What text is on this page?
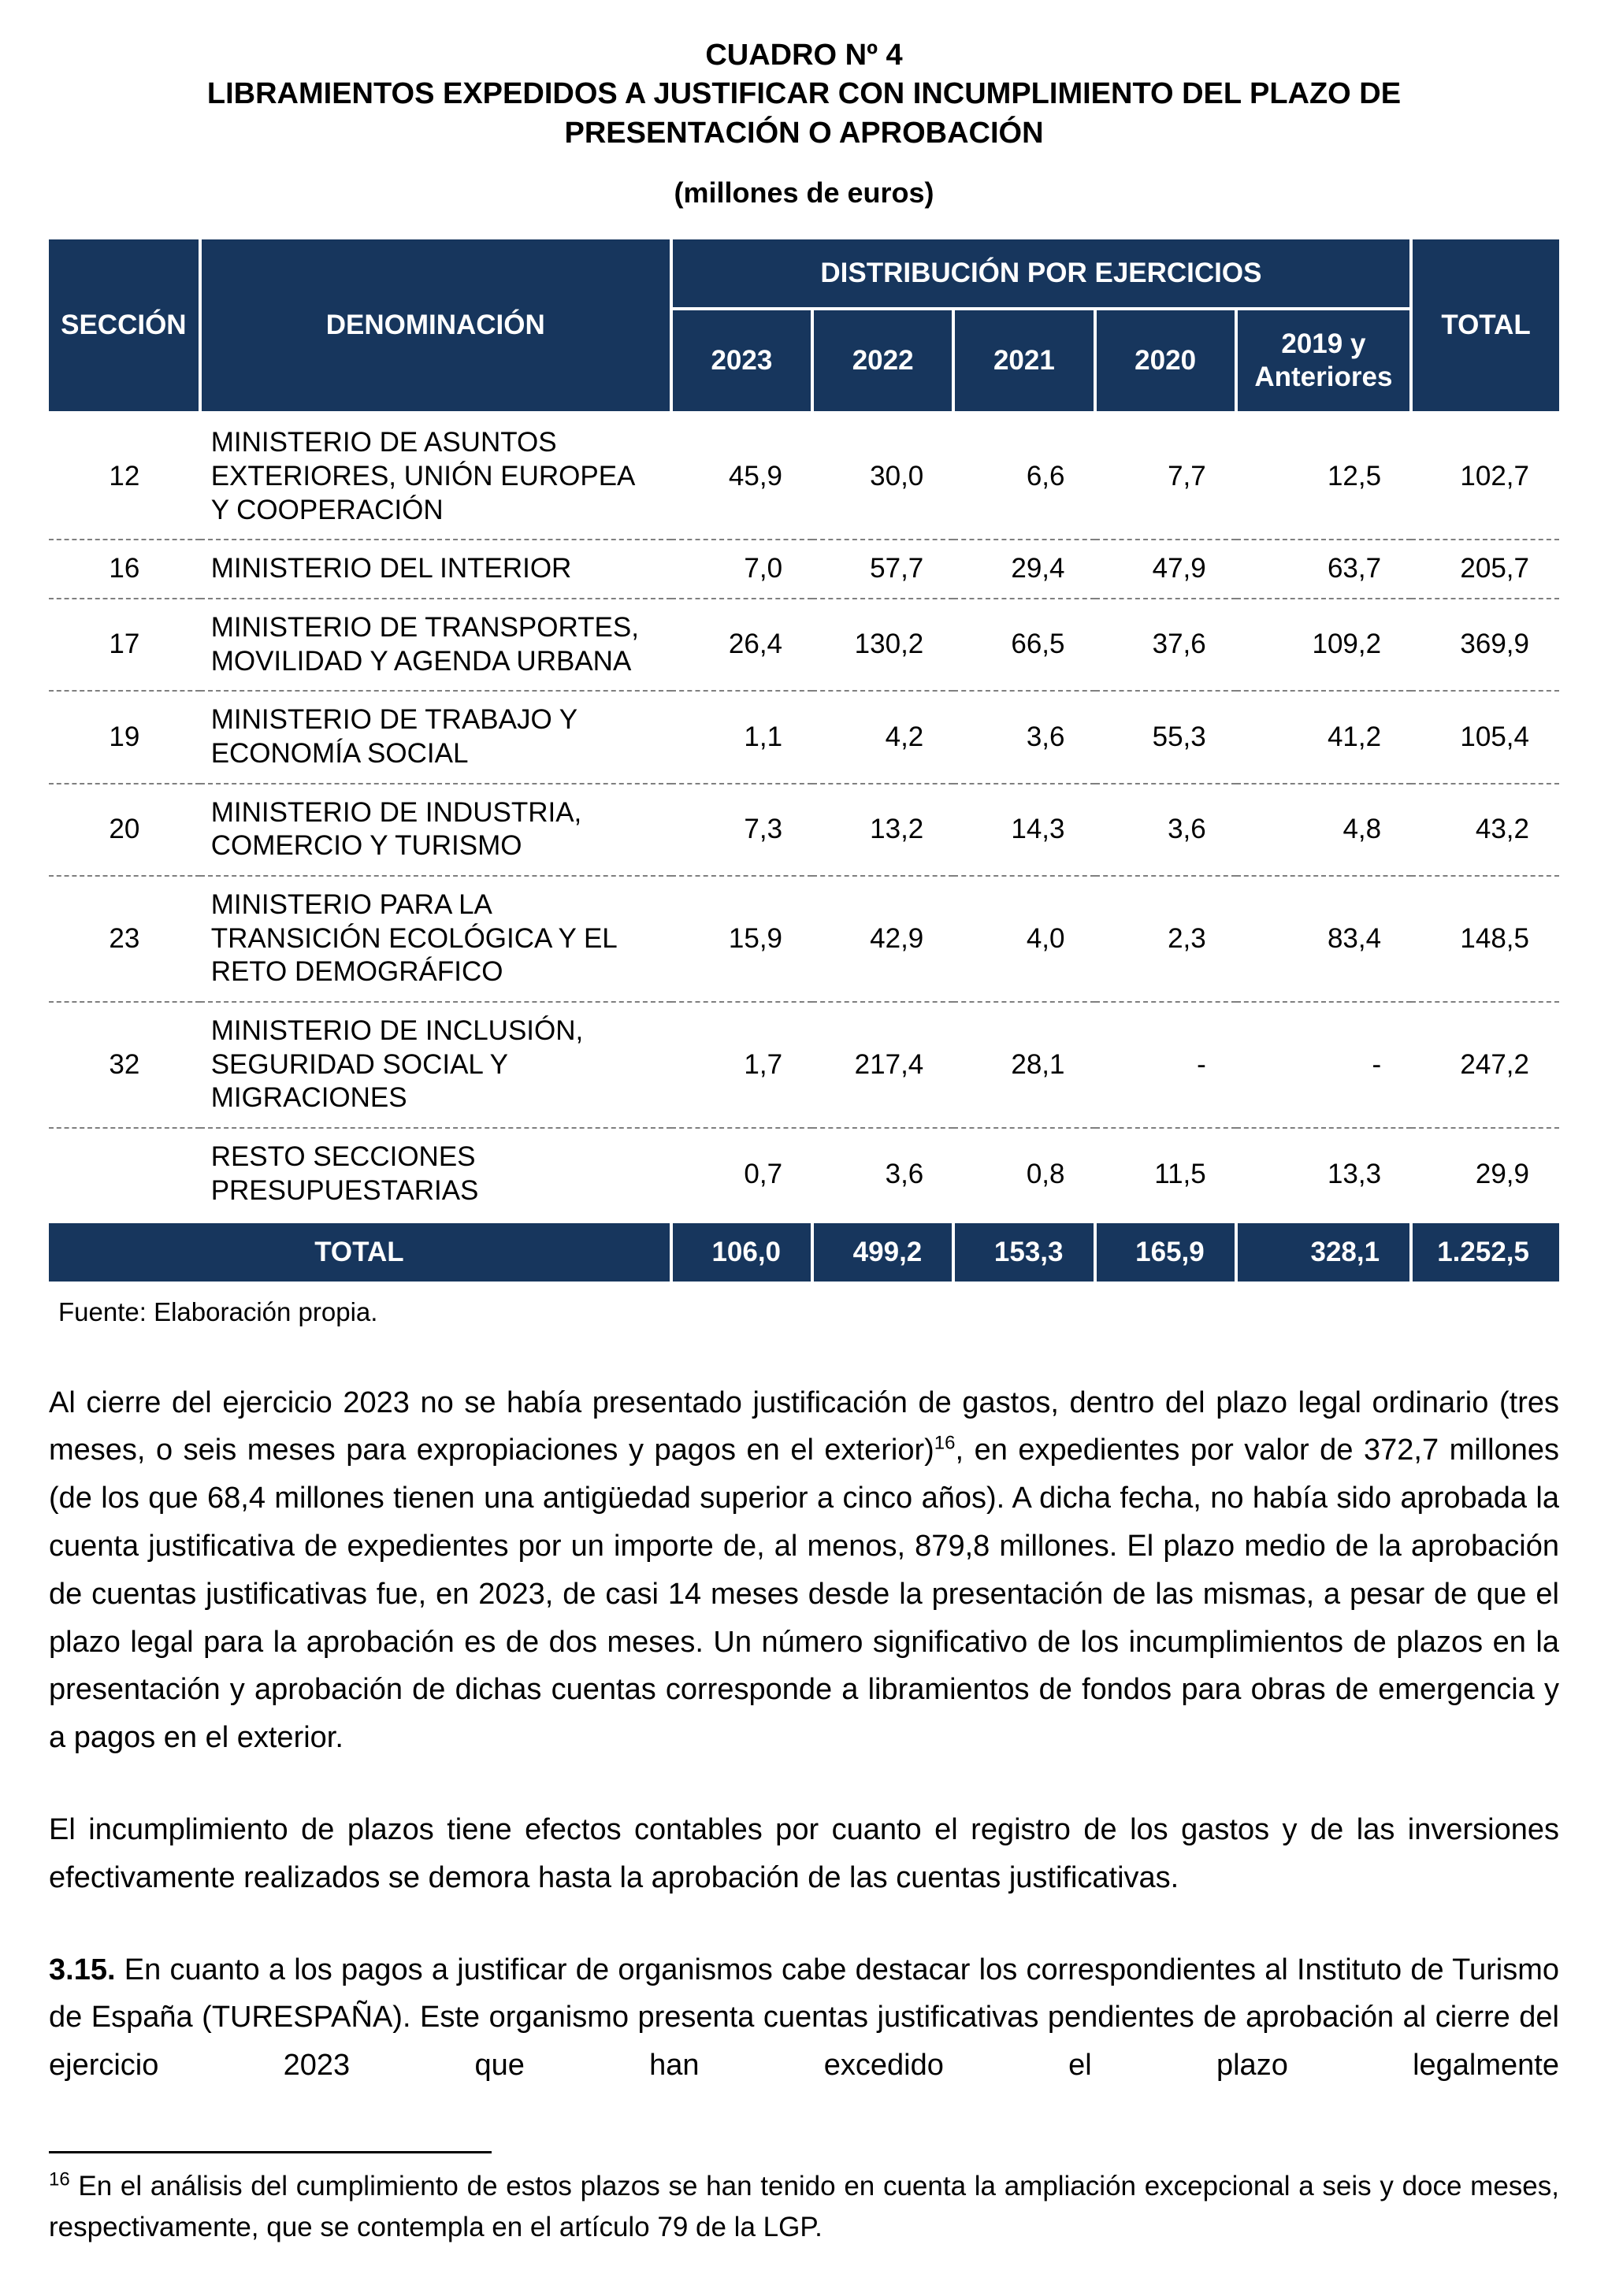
CUADRO Nº 4
LIBRAMIENTOS EXPEDIDOS A JUSTIFICAR CON INCUMPLIMIENTO DEL PLAZO DE PRESENTACIÓN O APROBACIÓN
(millones de euros)
SECCIÓN	DENOMINACIÓN	DISTRIBUCIÓN POR EJERCICIOS					TOTAL
		2023	2022	2021	2020	2019 y Anteriores	
12	MINISTERIO DE ASUNTOS EXTERIORES, UNIÓN EUROPEA Y COOPERACIÓN	45,9	30,0	6,6	7,7	12,5	102,7
16	MINISTERIO DEL INTERIOR	7,0	57,7	29,4	47,9	63,7	205,7
17	MINISTERIO DE TRANSPORTES, MOVILIDAD Y AGENDA URBANA	26,4	130,2	66,5	37,6	109,2	369,9
19	MINISTERIO DE TRABAJO Y ECONOMÍA SOCIAL	1,1	4,2	3,6	55,3	41,2	105,4
20	MINISTERIO DE INDUSTRIA, COMERCIO Y TURISMO	7,3	13,2	14,3	3,6	4,8	43,2
23	MINISTERIO PARA LA TRANSICIÓN ECOLÓGICA Y EL RETO DEMOGRÁFICO	15,9	42,9	4,0	2,3	83,4	148,5
32	MINISTERIO DE INCLUSIÓN, SEGURIDAD SOCIAL Y MIGRACIONES	1,7	217,4	28,1	-	-	247,2
	RESTO SECCIONES PRESUPUESTARIAS	0,7	3,6	0,8	11,5	13,3	29,9
TOTAL		106,0	499,2	153,3	165,9	328,1	1.252,5
Fuente: Elaboración propia.

Al cierre del ejercicio 2023 no se había presentado justificación de gastos, dentro del plazo legal ordinario (tres meses, o seis meses para expropiaciones y pagos en el exterior)$^{16}$, en expedientes por valor de 372,7 millones (de los que 68,4 millones tienen una antigüedad superior a cinco años). A dicha fecha, no había sido aprobada la cuenta justificativa de expedientes por un importe de, al menos, 879,8 millones. El plazo medio de la aprobación de cuentas justificativas fue, en 2023, de casi 14 meses desde la presentación de las mismas, a pesar de que el plazo legal para la aprobación es de dos meses. Un número significativo de los incumplimientos de plazos en la presentación y aprobación de dichas cuentas corresponde a libramientos de fondos para obras de emergencia y a pagos en el exterior.

El incumplimiento de plazos tiene efectos contables por cuanto el registro de los gastos y de las inversiones efectivamente realizados se demora hasta la aprobación de las cuentas justificativas.

3.15. En cuanto a los pagos a justificar de organismos cabe destacar los correspondientes al Instituto de Turismo de España (TURESPAÑA). Este organismo presenta cuentas justificativas pendientes de aprobación al cierre del ejercicio 2023 que han excedido el plazo legalmente

$^{16}$ En el análisis del cumplimiento de estos plazos se han tenido en cuenta la ampliación excepcional a seis y doce meses, respectivamente, que se contempla en el artículo 79 de la LGP.
